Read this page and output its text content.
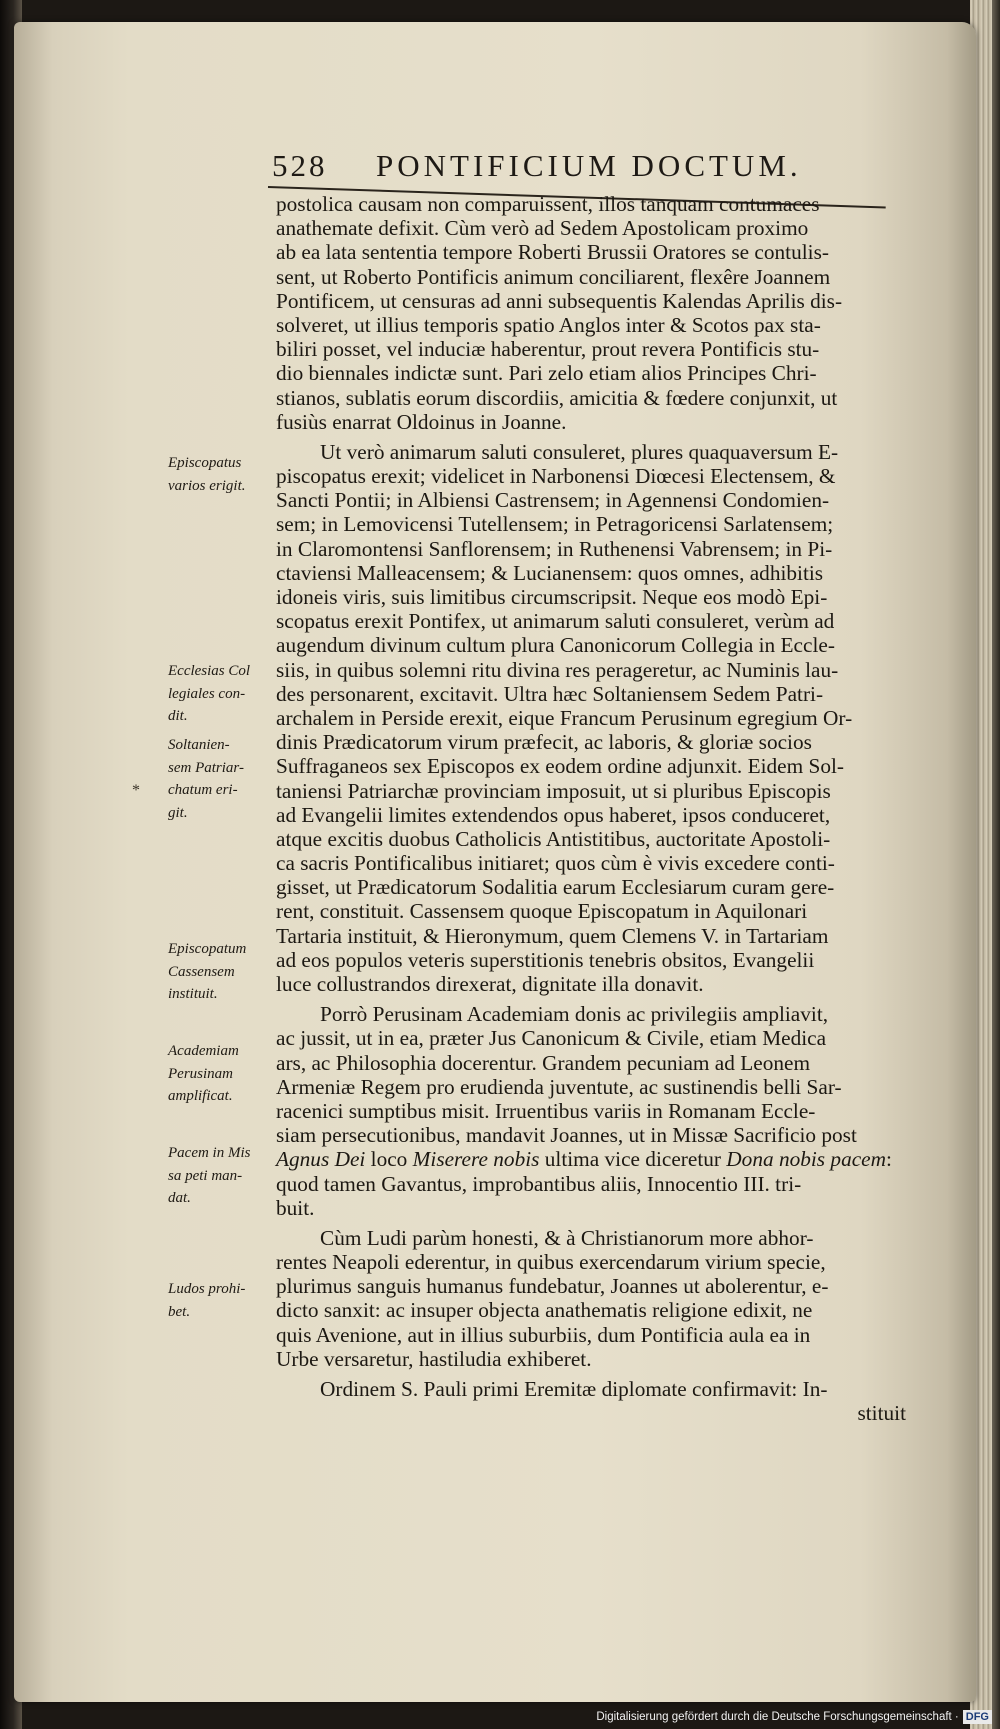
528 PONTIFICIUM DOCTUM.
postolica causam non comparuissent, illos tanquam contumaces
anathemate defixit. Cùm verò ad Sedem Apostolicam proximo
ab ea lata sententia tempore Roberti Brussii Oratores se contulis-
sent, ut Roberto Pontificis animum conciliarent, flexêre Joannem
Pontificem, ut censuras ad anni subsequentis Kalendas Aprilis dis-
solveret, ut illius temporis spatio Anglos inter & Scotos pax sta-
biliri posset, vel induciæ haberentur, prout revera Pontificis stu-
dio biennales indictæ sunt. Pari zelo etiam alios Principes Chri-
stianos, sublatis eorum discordiis, amicitia & fœdere conjunxit, ut
fusiùs enarrat Oldoinus in Joanne.
Ut verò animarum saluti consuleret, plures quaquaversum E-
piscopatus erexit; videlicet in Narbonensi Diœcesi Electensem, &
Sancti Pontii; in Albiensi Castrensem; in Agennensi Condomien-
sem; in Lemovicensi Tutellensem; in Petragoricensi Sarlatensem;
in Claromontensi Sanflorensem; in Ruthenensi Vabrensem; in Pi-
ctaviensi Malleacensem; & Lucianensem: quos omnes, adhibitis
idoneis viris, suis limitibus circumscripsit. Neque eos modò Epi-
scopatus erexit Pontifex, ut animarum saluti consuleret, verùm ad
augendum divinum cultum plura Canonicorum Collegia in Eccle-
siis, in quibus solemni ritu divina res perageretur, ac Numinis lau-
des personarent, excitavit. Ultra hæc Soltaniensem Sedem Patri-
archalem in Perside erexit, eique Francum Perusinum egregium Or-
dinis Prædicatorum virum præfecit, ac laboris, & gloriæ socios
Suffraganeos sex Episcopos ex eodem ordine adjunxit. Eidem Sol-
taniensi Patriarchæ provinciam imposuit, ut si pluribus Episcopis
ad Evangelii limites extendendos opus haberet, ipsos conduceret,
atque excitis duobus Catholicis Antistitibus, auctoritate Apostoli-
ca sacris Pontificalibus initiaret; quos cùm è vivis excedere conti-
gisset, ut Prædicatorum Sodalitia earum Ecclesiarum curam gere-
rent, constituit. Cassensem quoque Episcopatum in Aquilonari
Tartaria instituit, & Hieronymum, quem Clemens V. in Tartariam
ad eos populos veteris superstitionis tenebris obsitos, Evangelii
luce collustrandos direxerat, dignitate illa donavit.
Porrò Perusinam Academiam donis ac privilegiis ampliavit,
ac jussit, ut in ea, præter Jus Canonicum & Civile, etiam Medica
ars, ac Philosophia docerentur. Grandem pecuniam ad Leonem
Armeniæ Regem pro erudienda juventute, ac sustinendis belli Sar-
racenici sumptibus misit. Irruentibus variis in Romanam Eccle-
siam persecutionibus, mandavit Joannes, ut in Missæ Sacrificio post
Agnus Dei loco Miserere nobis ultima vice diceretur Dona nobis pacem:
quod tamen Gavantus, improbantibus aliis, Innocentio III. tri-
buit.
Cùm Ludi parùm honesti, & à Christianorum more abhor-
rentes Neapoli ederentur, in quibus exercendarum virium specie,
plurimus sanguis humanus fundebatur, Joannes ut abolerentur, e-
dicto sanxit: ac insuper objecta anathematis religione edixit, ne
quis Avenione, aut in illius suburbiis, dum Pontificia aula ea in
Urbe versaretur, hastiludia exhiberet.
Ordinem S. Pauli primi Eremitæ diplomate confirmavit: In-
stituit
Episcopatus
varios erigit.
Ecclesias Col
legiales con-
dit.
Soltanien-
sem Patriar-
chatum eri-
git.
*
Episcopatum
Cassensem
instituit.
Academiam
Perusinam
amplificat.
Pacem in Mis
sa peti man-
dat.
Ludos prohi-
bet.
Digitalisierung gefördert durch die Deutsche Forschungsgemeinschaft · DFG
